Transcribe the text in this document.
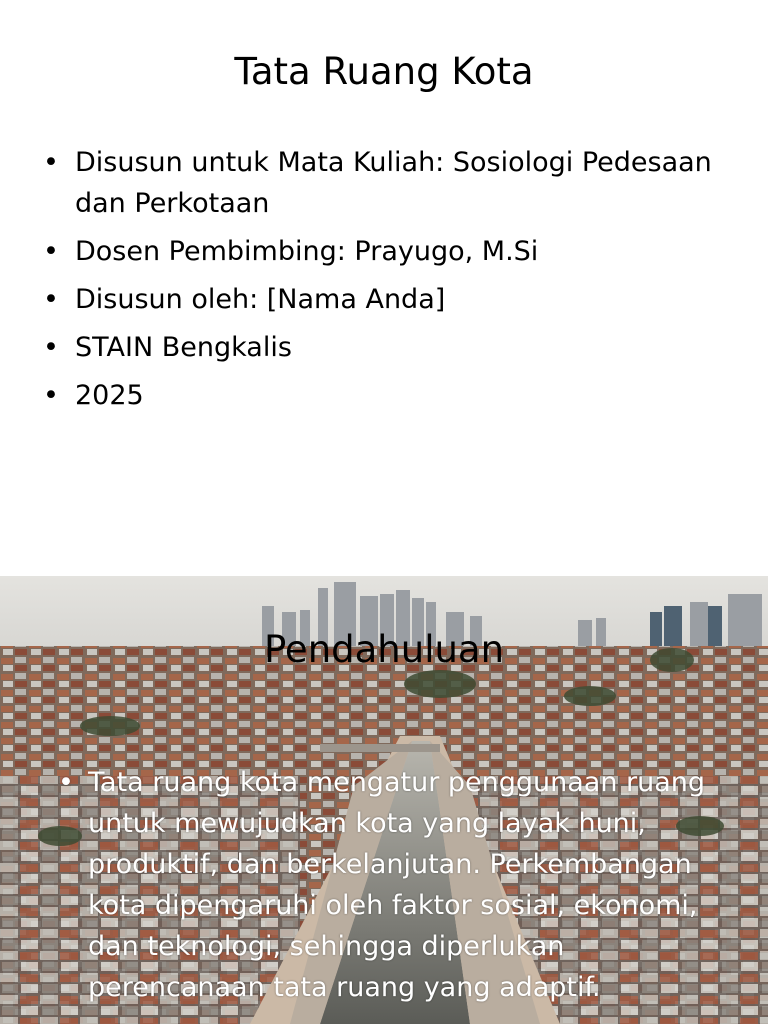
Tata Ruang Kota
• Disusun untuk Mata Kuliah: Sosiologi Pedesaan dan Perkotaan
• Dosen Pembimbing: Prayugo, M.Si
• Disusun oleh: [Nama Anda]
• STAIN Bengkalis
• 2025
Pendahuluan
• Tata ruang kota mengatur penggunaan ruang untuk mewujudkan kota yang layak huni, produktif, dan berkelanjutan. Perkembangan kota dipengaruhi oleh faktor sosial, ekonomi, dan teknologi, sehingga diperlukan perencanaan tata ruang yang adaptif.
